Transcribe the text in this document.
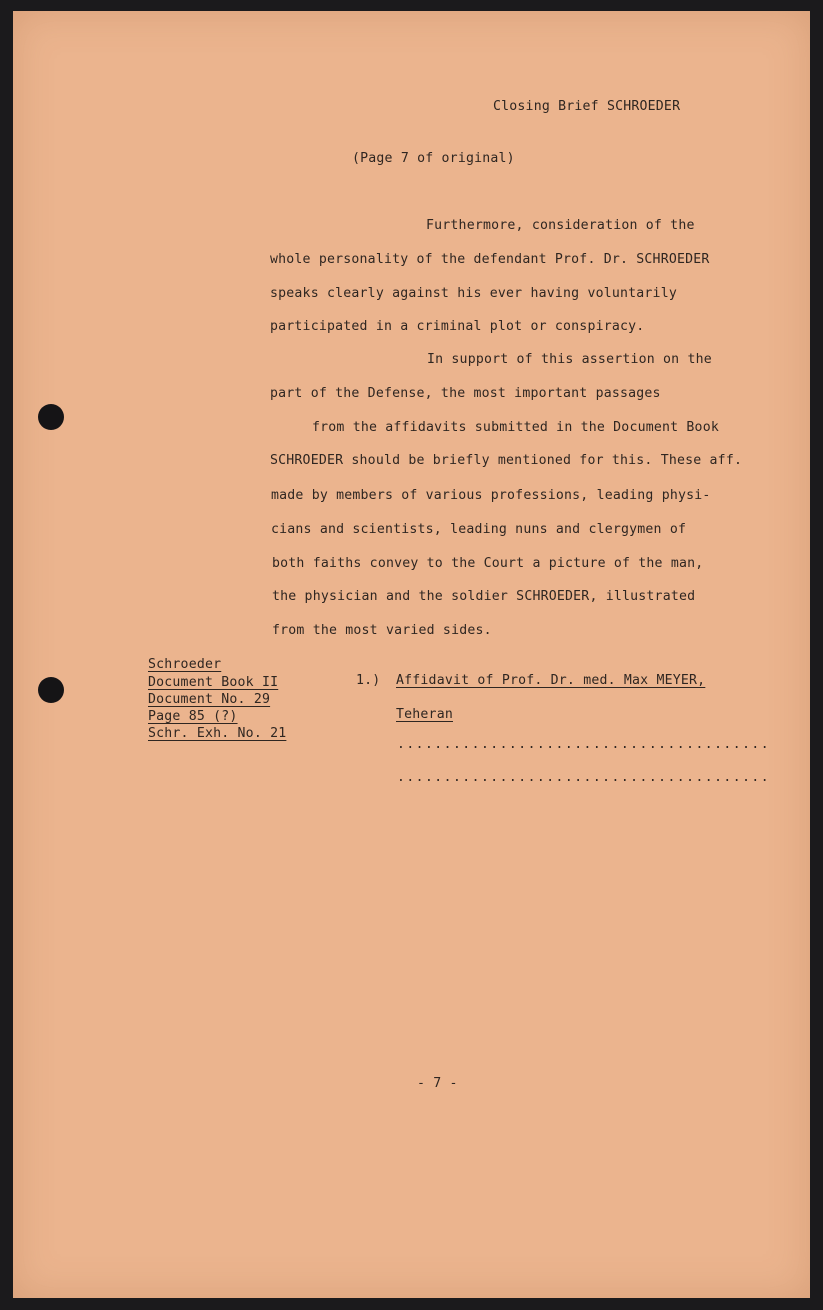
Closing Brief SCHROEDER
(Page 7 of original)
Furthermore, consideration of the
whole personality of the defendant Prof. Dr. SCHROEDER
speaks clearly against his ever having voluntarily
participated in a criminal plot or conspiracy.
In support of this assertion on the
part of the Defense, the most important passages
from the affidavits submitted in the Document Book
SCHROEDER should be briefly mentioned for this. These aff.
made by members of various professions, leading physi-
cians and scientists, leading nuns and clergymen of
both faiths convey to the Court a picture of the man,
the physician and the soldier SCHROEDER, illustrated
from the most varied sides.
Schroeder
Document Book II
Document No. 29
Page 85 (?)
Schr. Exh. No. 21
1.) Affidavit of Prof. Dr. med. Max MEYER,
Teheran
........................................
........................................
- 7 -
